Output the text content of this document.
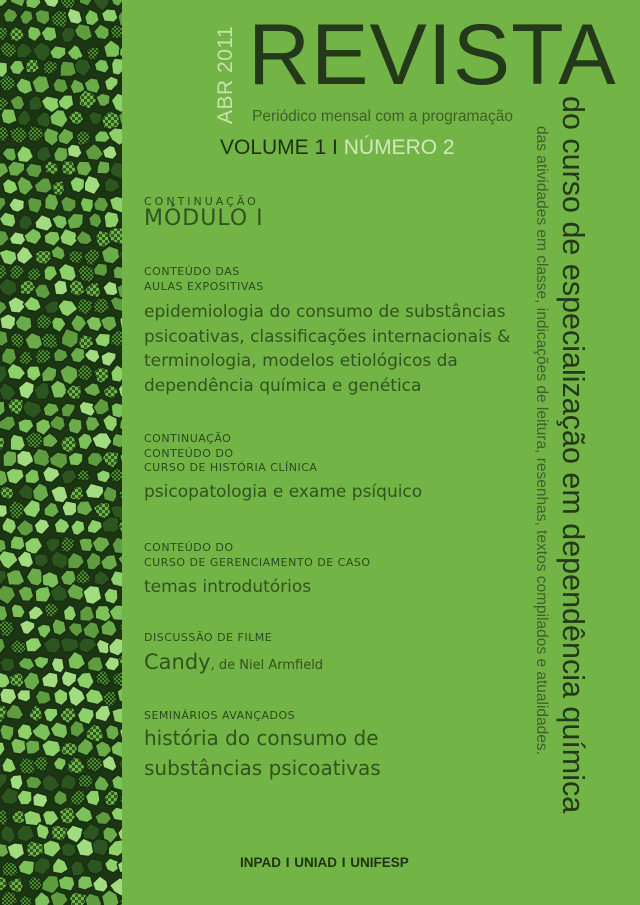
ABR 2011 REVISTA
Periódico mensal com a programação
VOLUME 1 I NÚMERO 2	do curso de especialização em dependência química
das atividades em classe, indicações de leitura, resenhas, textos compilados e atualidades.
CONTINUAÇÃO
MÓDULO I
CONTEÚDO DAS
AULAS EXPOSITIVAS
epidemiologia do consumo de substâncias
psicoativas, classificações internacionais &
terminologia, modelos etiológicos da
dependência química e genética
CONTINUAÇÃO
CONTEÚDO DO
CURSO DE HISTÓRIA CLÍNICA
psicopatologia e exame psíquico
CONTEÚDO DO
CURSO DE GERENCIAMENTO DE CASO
temas introdutórios
DISCUSSÃO DE FILME
Candy, de Niel Armfield
SEMINÁRIOS AVANÇADOS
história do consumo de
substâncias psicoativas
INPAD I UNIAD I UNIFESP
